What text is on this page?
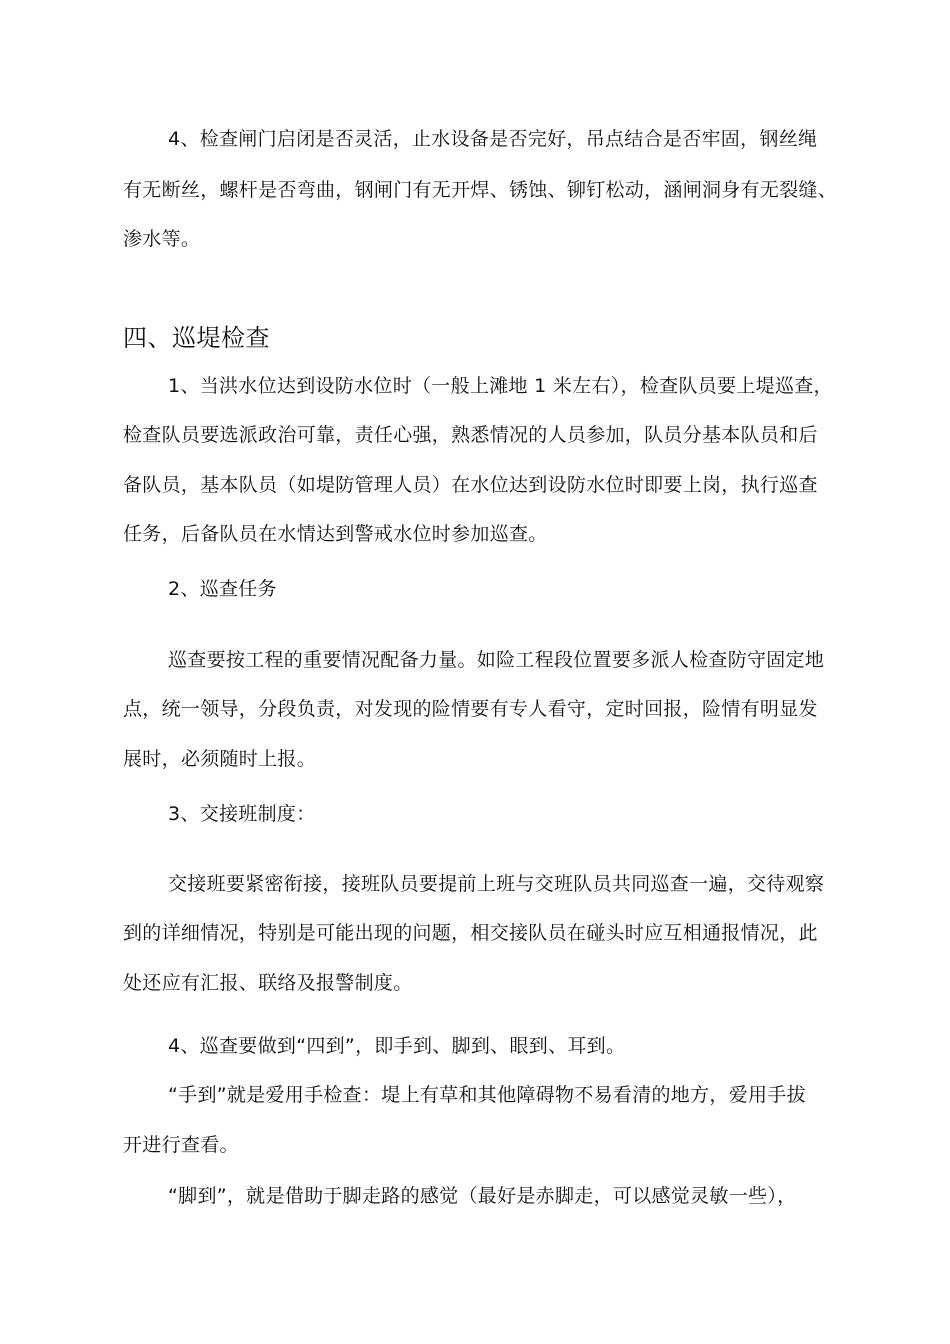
4、检查闸门启闭是否灵活，止水设备是否完好，吊点结合是否牢固，钢丝绳
有无断丝，螺杆是否弯曲，钢闸门有无开焊、锈蚀、铆钉松动，涵闸洞身有无裂缝、
渗水等。
四、巡堤检查
1、当洪水位达到设防水位时（一般上滩地 1 米左右），检查队员要上堤巡查，
检查队员要选派政治可靠，责任心强，熟悉情况的人员参加，队员分基本队员和后
备队员，基本队员（如堤防管理人员）在水位达到设防水位时即要上岗，执行巡查
任务，后备队员在水情达到警戒水位时参加巡查。
2、巡查任务
巡查要按工程的重要情况配备力量。如险工程段位置要多派人检查防守固定地
点，统一领导，分段负责，对发现的险情要有专人看守，定时回报，险情有明显发
展时，必须随时上报。
3、交接班制度：
交接班要紧密衔接，接班队员要提前上班与交班队员共同巡查一遍，交待观察
到的详细情况，特别是可能出现的问题，相交接队员在碰头时应互相通报情况，此
处还应有汇报、联络及报警制度。
4、巡查要做到“四到”，即手到、脚到、眼到、耳到。
“手到”就是爱用手检查：堤上有草和其他障碍物不易看清的地方，爱用手拔
开进行查看。
“脚到”，就是借助于脚走路的感觉（最好是赤脚走，可以感觉灵敏一些），
